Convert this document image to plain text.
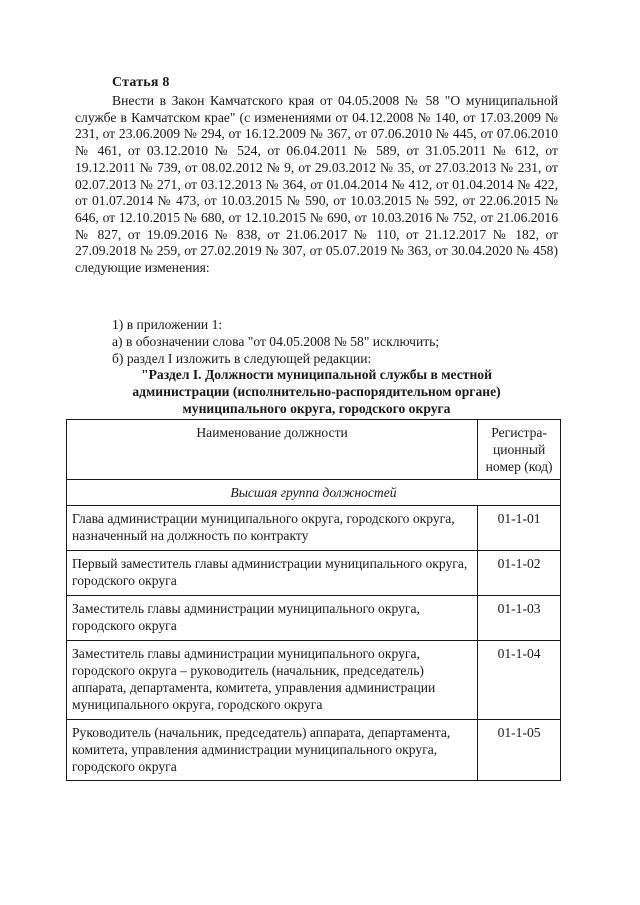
Статья 8

Внести в Закон Камчатского края от 04.05.2008 № 58 "О муниципальной службе в Камчатском крае" (с изменениями от 04.12.2008 № 140, от 17.03.2009 № 231, от 23.06.2009 № 294, от 16.12.2009 № 367, от 07.06.2010 № 445, от 07.06.2010 № 461, от 03.12.2010 № 524, от 06.04.2011 № 589, от 31.05.2011 № 612, от 19.12.2011 № 739, от 08.02.2012 № 9, от 29.03.2012 № 35, от 27.03.2013 № 231, от 02.07.2013 № 271, от 03.12.2013 № 364, от 01.04.2014 № 412, от 01.04.2014 № 422, от 01.07.2014 № 473, от 10.03.2015 № 590, от 10.03.2015 № 592, от 22.06.2015 № 646, от 12.10.2015 № 680, от 12.10.2015 № 690, от 10.03.2016 № 752, от 21.06.2016 № 827, от 19.09.2016 № 838, от 21.06.2017 № 110, от 21.12.2017 № 182, от 27.09.2018 № 259, от 27.02.2019 № 307, от 05.07.2019 № 363, от 30.04.2020 № 458) следующие изменения:

1) в приложении 1:
а) в обозначении слова "от 04.05.2008 № 58" исключить;
б) раздел I изложить в следующей редакции:
"Раздел I. Должности муниципальной службы в местной
администрации (исполнительно-распорядительном органе)
муниципального округа, городского округа
Наименование должности	Регистра-ционный номер (код)
Высшая группа должностей	
Глава администрации муниципального округа, городского округа, назначенный на должность по контракту	01-1-01
Первый заместитель главы администрации муниципального округа, городского округа	01-1-02
Заместитель главы администрации муниципального округа, городского округа	01-1-03
Заместитель главы администрации муниципального округа, городского округа – руководитель (начальник, председатель) аппарата, департамента, комитета, управления администрации муниципального округа, городского округа	01-1-04
Руководитель (начальник, председатель) аппарата, департамента, комитета, управления администрации муниципального округа, городского округа	01-1-05
